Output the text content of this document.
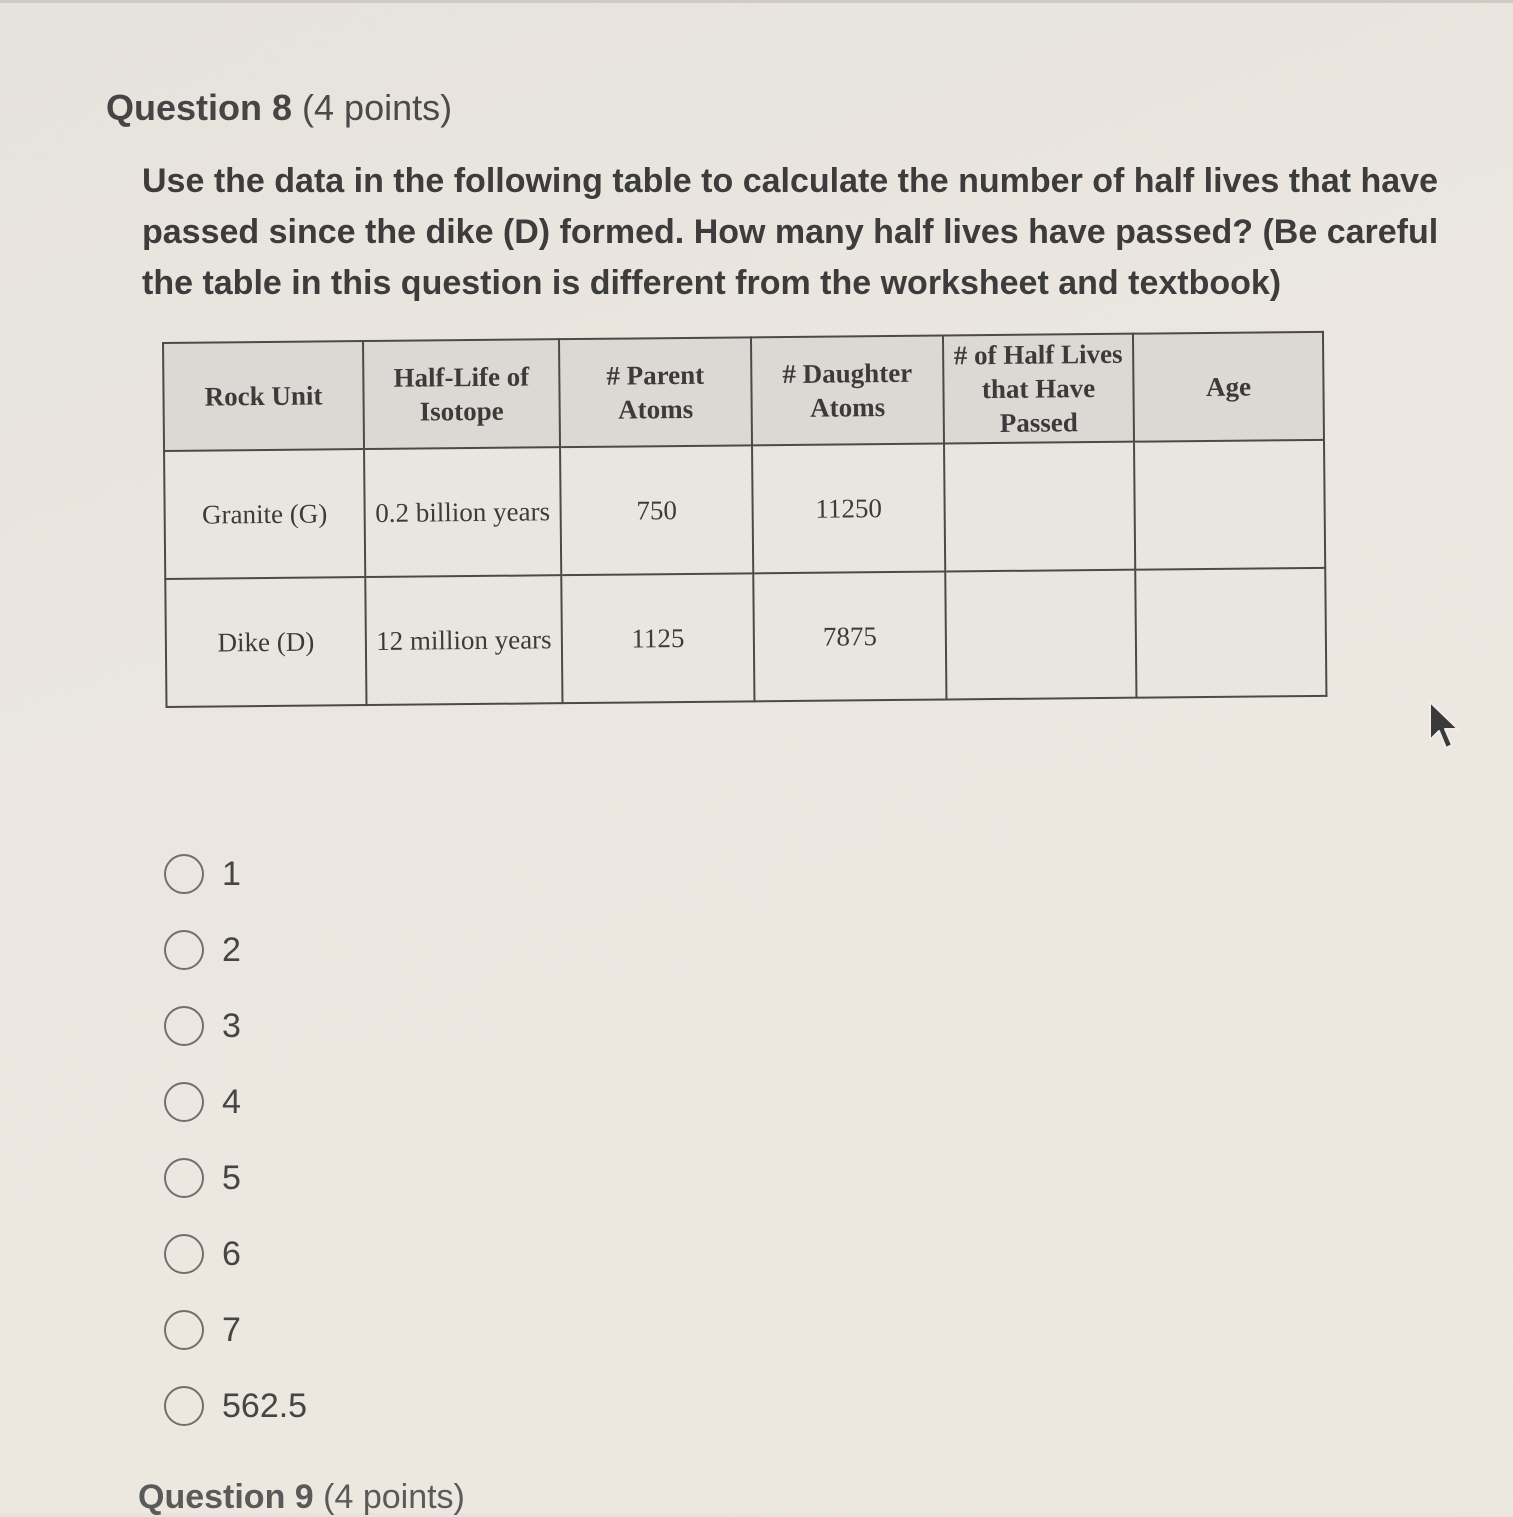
Question 8 (4 points)
Use the data in the following table to calculate the number of half lives that have passed since the dike (D) formed. How many half lives have passed? (Be careful the table in this question is different from the worksheet and textbook)
Rock Unit	Half-Life of Isotope	# Parent Atoms	# Daughter Atoms	# of Half Lives that Have Passed	Age
Granite (G)	0.2 billion years	750	11250		
Dike (D)	12 million years	1125	7875		
1
2
3
4
5
6
7
562.5
Question 9 (4 points)
